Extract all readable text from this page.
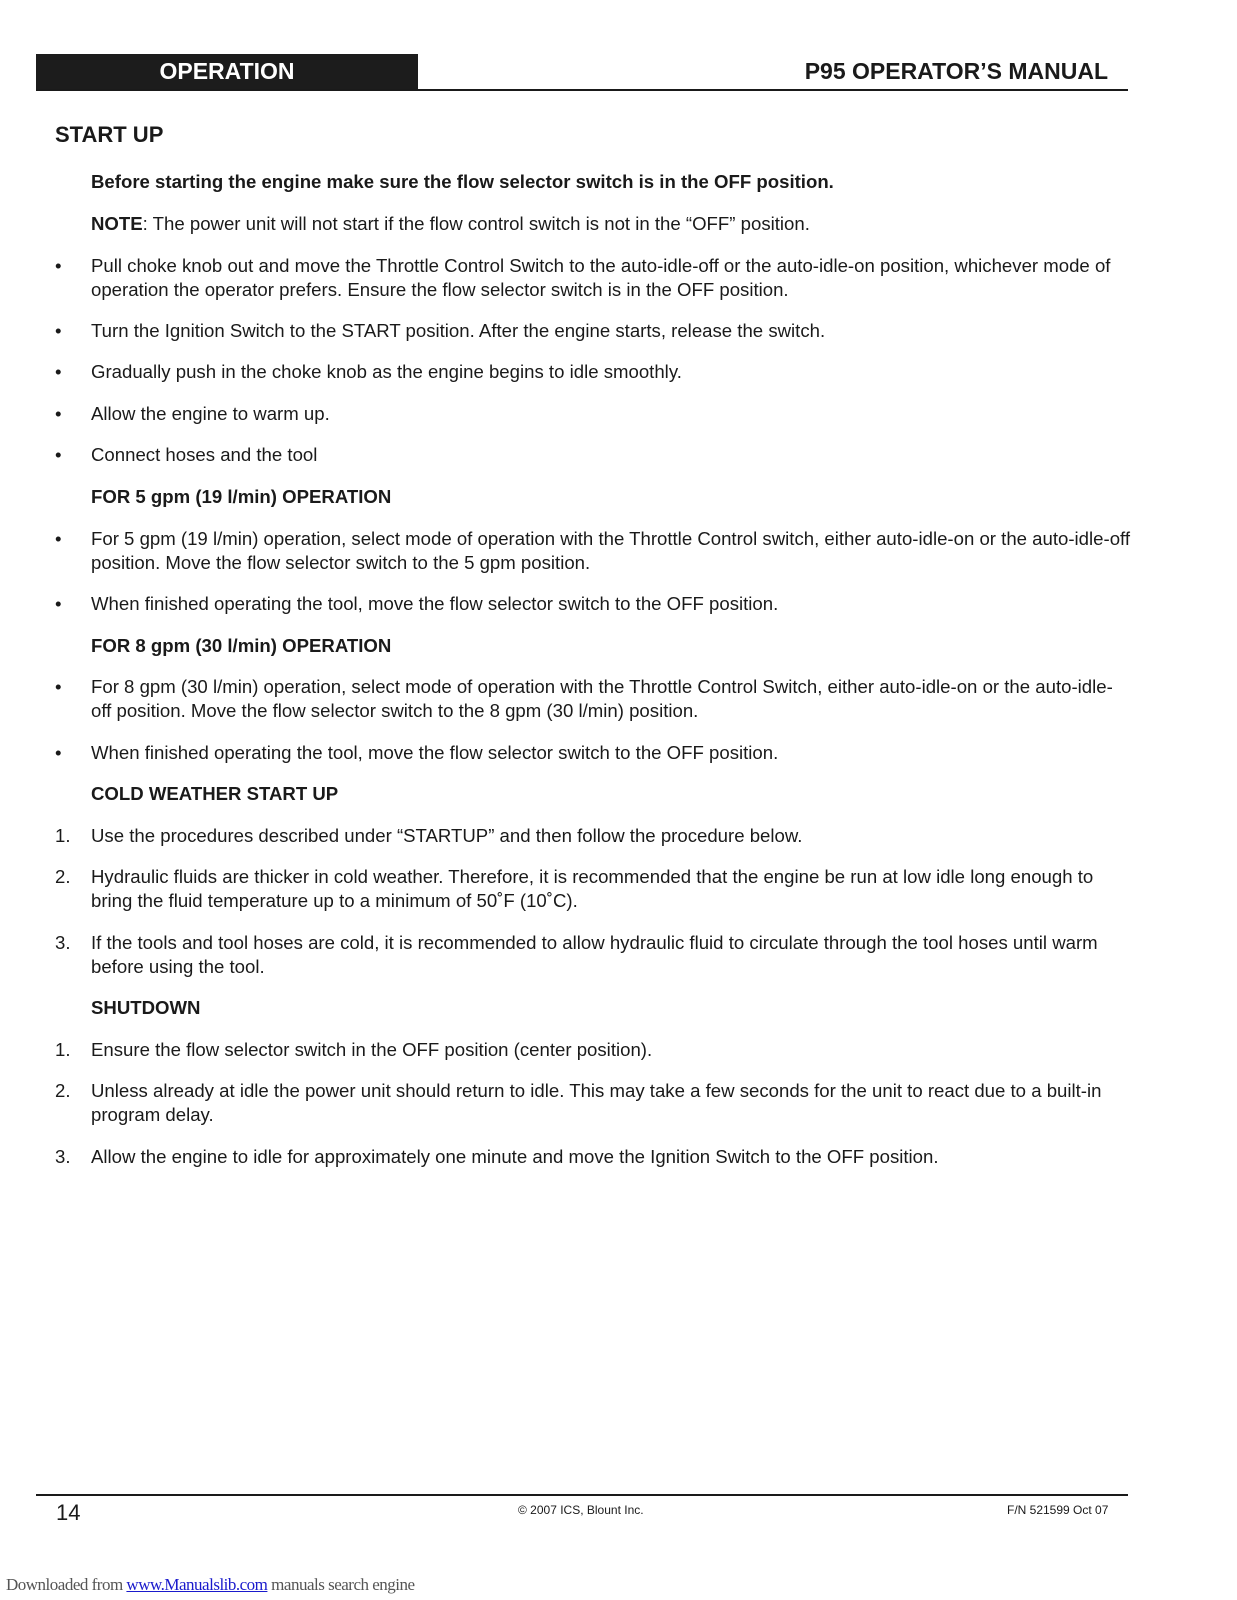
OPERATION	P95 OPERATOR’S MANUAL
START UP

Before starting the engine make sure the flow selector switch is in the OFF position.

NOTE: The power unit will not start if the flow control switch is not in the “OFF” position.

•	Pull choke knob out and move the Throttle Control Switch to the auto-idle-off or the auto-idle-on position, whichever mode of operation the operator prefers. Ensure the flow selector switch is in the OFF position.
•	Turn the Ignition Switch to the START position. After the engine starts, release the switch.
•	Gradually push in the choke knob as the engine begins to idle smoothly.
•	Allow the engine to warm up.
•	Connect hoses and the tool

FOR 5 gpm (19 l/min) OPERATION

•	For 5 gpm (19 l/min) operation, select mode of operation with the Throttle Control switch, either auto-idle-on or the auto-idle-off position. Move the flow selector switch to the 5 gpm position.
•	When finished operating the tool, move the flow selector switch to the OFF position.

FOR 8 gpm (30 l/min) OPERATION

•	For 8 gpm (30 l/min) operation, select mode of operation with the Throttle Control Switch, either auto-idle-on or the auto-idle-off position. Move the flow selector switch to the 8 gpm (30 l/min) position.
•	When finished operating the tool, move the flow selector switch to the OFF position.

COLD WEATHER START UP

1.	Use the procedures described under “STARTUP” and then follow the procedure below.
2.	Hydraulic fluids are thicker in cold weather. Therefore, it is recommended that the engine be run at low idle long enough to bring the fluid temperature up to a minimum of 50˚F (10˚C).
3.	If the tools and tool hoses are cold, it is recommended to allow hydraulic fluid to circulate through the tool hoses until warm before using the tool.

SHUTDOWN

1.	Ensure the flow selector switch in the OFF position (center position).
2.	Unless already at idle the power unit should return to idle. This may take a few seconds for the unit to react due to a built-in program delay.
3.	Allow the engine to idle for approximately one minute and move the Ignition Switch to the OFF position.
14	© 2007 ICS, Blount Inc.	F/N 521599 Oct 07
Downloaded from www.Manualslib.com manuals search engine
